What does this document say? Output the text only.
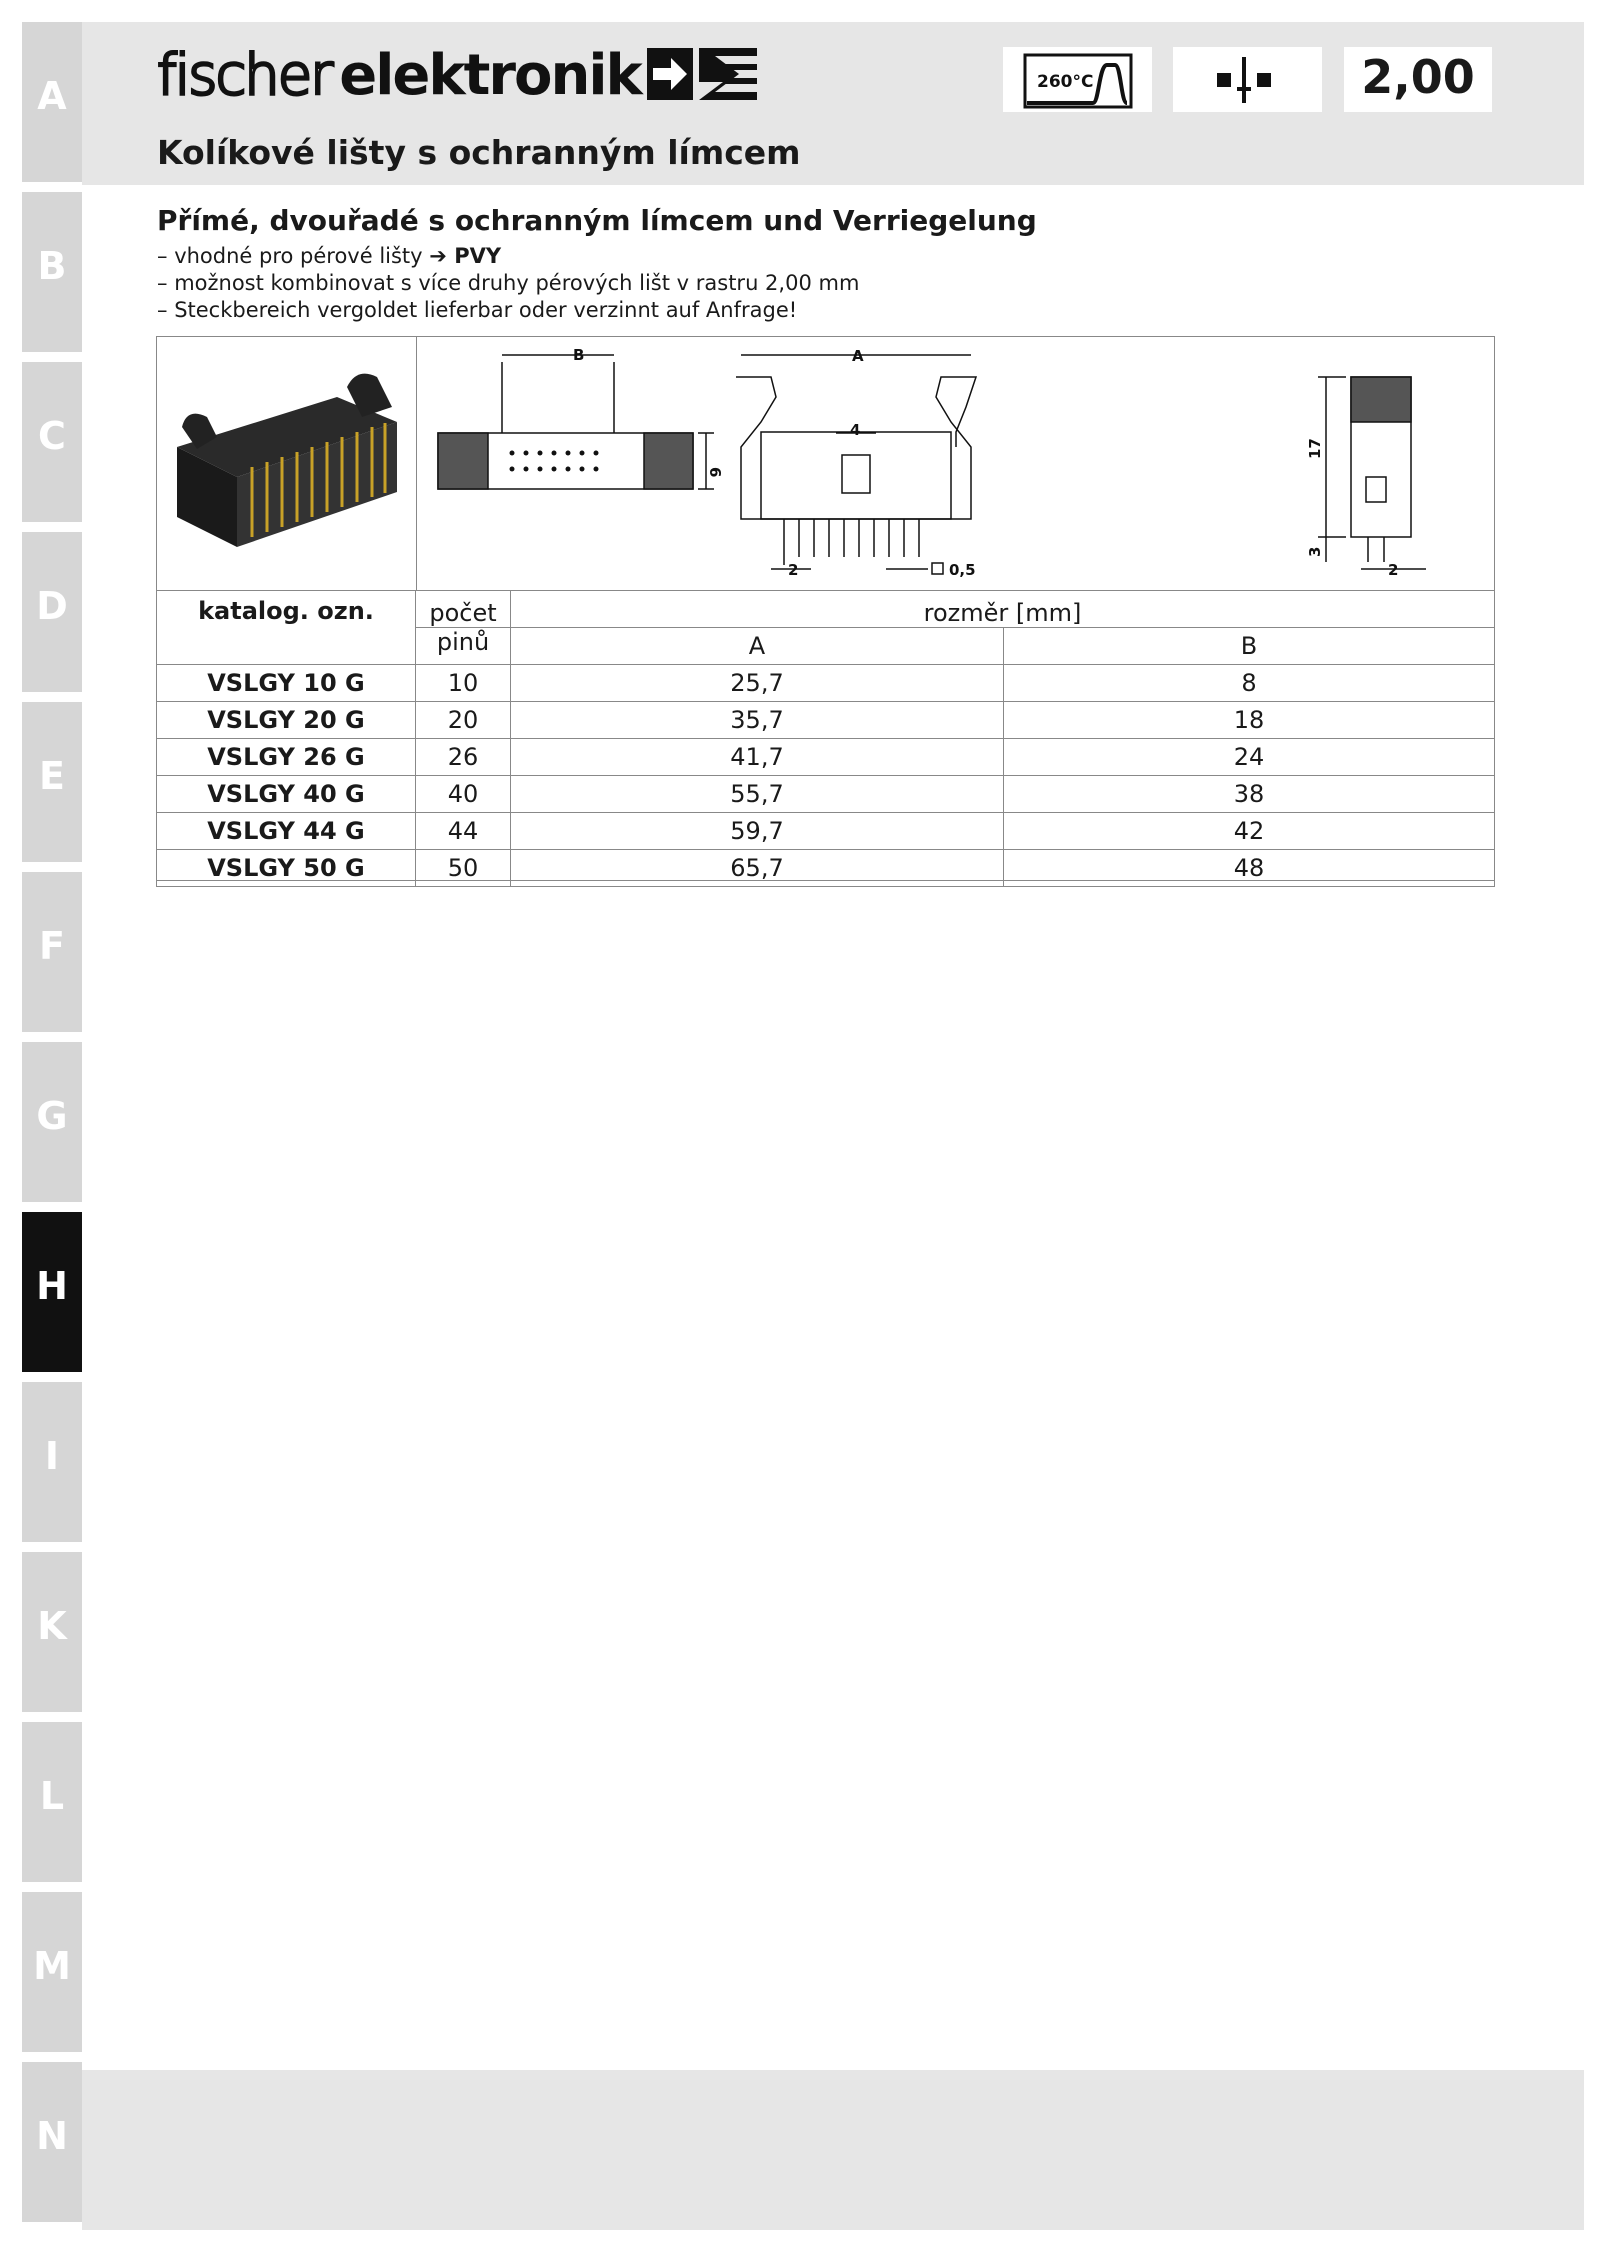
A
B
C
D
E
F
G
H
I
K
L
M
N
fischer elektronik	260°C	2,00
Kolíkové lišty s ochranným límcem
Přímé, dvouřadé s ochranným límcem und Verriegelung
– vhodné pro pérové lišty ➔ PVY
– možnost kombinovat s více druhy pérových lišt v rastru 2,00 mm
– Steckbereich vergoldet lieferbar oder verzinnt auf Anfrage!
B
6
A
4
2	0,5
17
3
2
katalog. ozn.	počet	rozměr [mm]	
	pinů	A	B
VSLGY 10 G	10	25,7	8
VSLGY 20 G	20	35,7	18
VSLGY 26 G	26	41,7	24
VSLGY 40 G	40	55,7	38
VSLGY 44 G	44	59,7	42
VSLGY 50 G	50	65,7	48
